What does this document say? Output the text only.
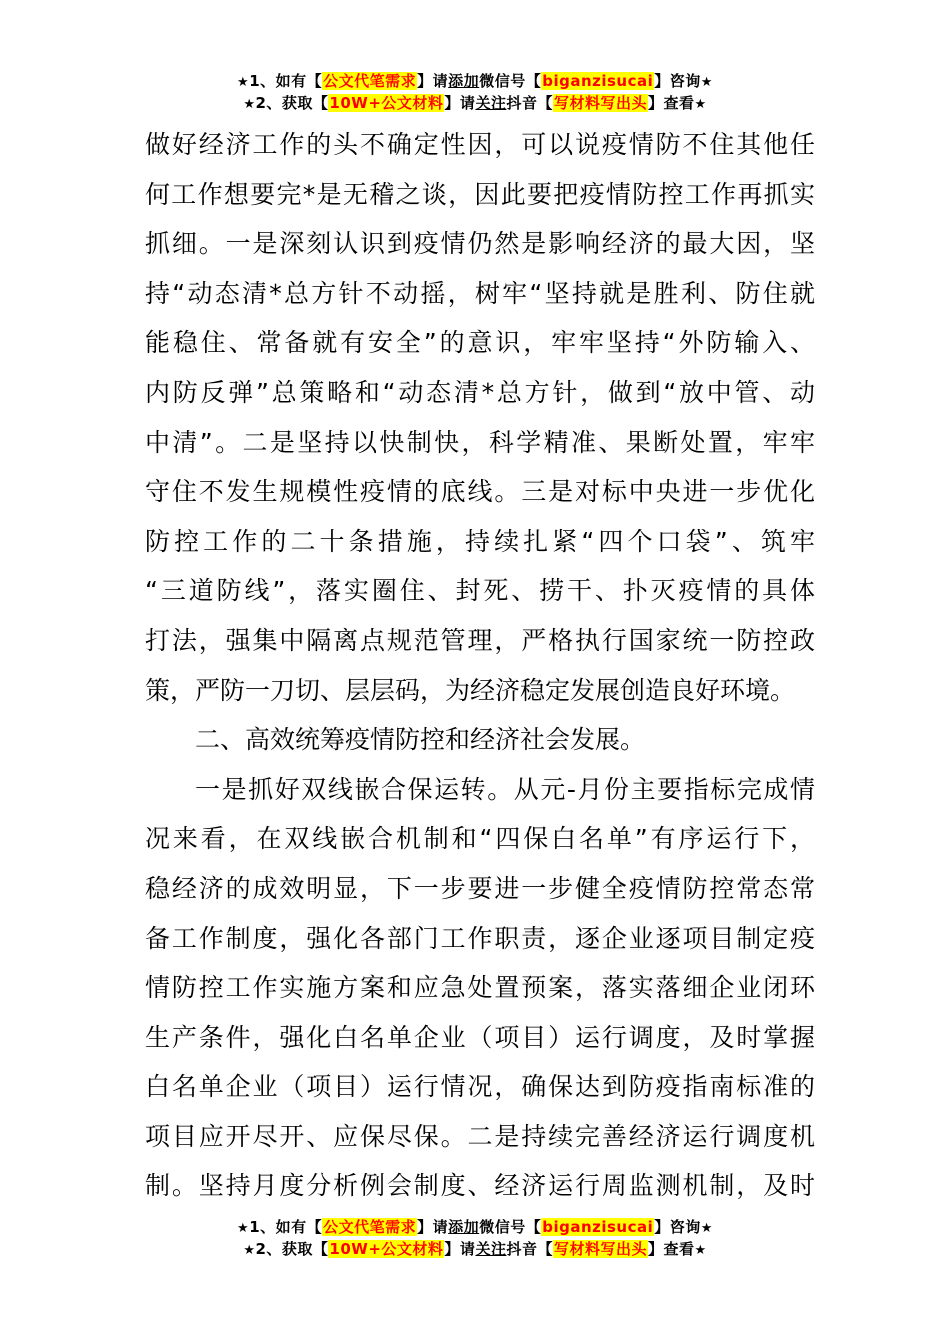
★1、如有【公文代笔需求】请添加微信号【biganzisucai】咨询★
★2、获取【10W+公文材料】请关注抖音【写材料写出头】查看★

做好经济工作的头不确定性因，可以说疫情防不住其他任
何工作想要完*是无稽之谈，因此要把疫情防控工作再抓实
抓细。一是深刻认识到疫情仍然是影响经济的最大因，坚
持“动态清*总方针不动摇，树牢“坚持就是胜利、防住就
能稳住、常备就有安全”的意识，牢牢坚持“外防输入、
内防反弹”总策略和“动态清*总方针，做到“放中管、动
中清”。二是坚持以快制快，科学精准、果断处置，牢牢
守住不发生规模性疫情的底线。三是对标中央进一步优化
防控工作的二十条措施，持续扎紧“四个口袋”、筑牢
“三道防线”，落实圈住、封死、捞干、扑灭疫情的具体
打法，强集中隔离点规范管理，严格执行国家统一防控政
策，严防一刀切、层层码，为经济稳定发展创造良好环境。

二、高效统筹疫情防控和经济社会发展。

一是抓好双线嵌合保运转。从元-月份主要指标完成情
况来看，在双线嵌合机制和“四保白名单”有序运行下，
稳经济的成效明显，下一步要进一步健全疫情防控常态常
备工作制度，强化各部门工作职责，逐企业逐项目制定疫
情防控工作实施方案和应急处置预案，落实落细企业闭环
生产条件，强化白名单企业（项目）运行调度，及时掌握
白名单企业（项目）运行情况，确保达到防疫指南标准的
项目应开尽开、应保尽保。二是持续完善经济运行调度机
制。坚持月度分析例会制度、经济运行周监测机制，及时

★1、如有【公文代笔需求】请添加微信号【biganzisucai】咨询★
★2、获取【10W+公文材料】请关注抖音【写材料写出头】查看★
